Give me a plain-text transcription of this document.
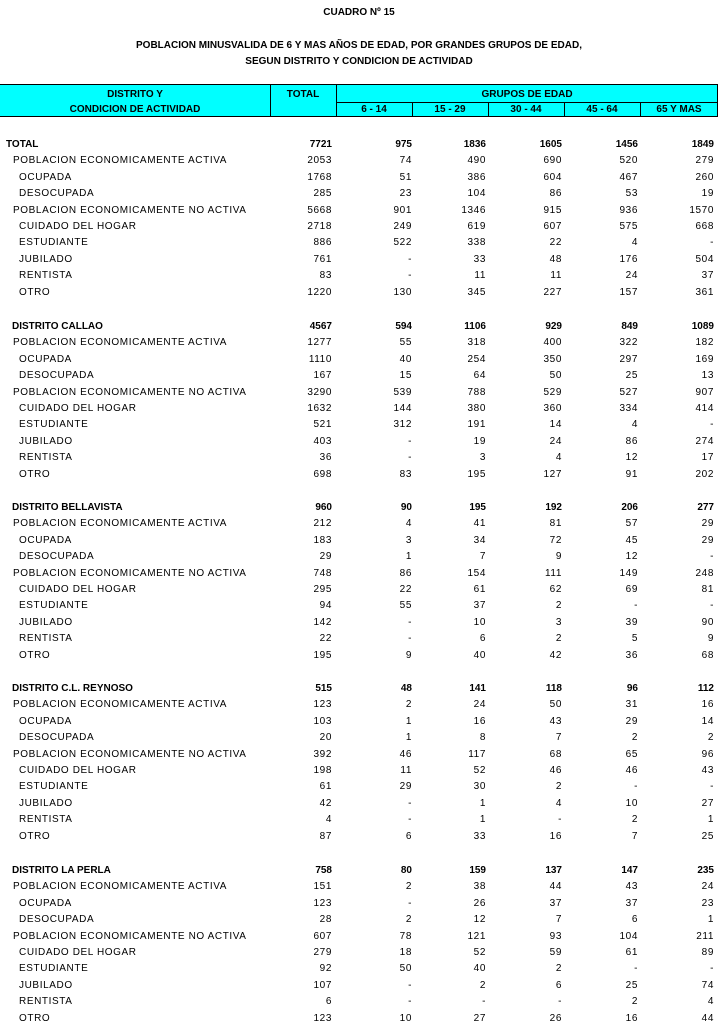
CUADRO Nº 15
POBLACION MINUSVALIDA DE 6 Y MAS AÑOS DE EDAD, POR GRANDES GRUPOS DE EDAD,
SEGUN DISTRITO Y CONDICION DE ACTIVIDAD
DISTRITO Y
CONDICION DE ACTIVIDAD
TOTAL	GRUPOS DE EDAD
6 - 14	15 - 29	30 - 44	45 - 64	65 Y MAS
TOTAL	7721	975	1836	1605	1456	1849
POBLACION ECONOMICAMENTE ACTIVA	2053	74	490	690	520	279
OCUPADA	1768	51	386	604	467	260
DESOCUPADA	285	23	104	86	53	19
POBLACION ECONOMICAMENTE NO ACTIVA	5668	901	1346	915	936	1570
CUIDADO DEL HOGAR	2718	249	619	607	575	668
ESTUDIANTE	886	522	338	22	4	-
JUBILADO	761	-	33	48	176	504
RENTISTA	83	-	11	11	24	37
OTRO	1220	130	345	227	157	361
DISTRITO CALLAO	4567	594	1106	929	849	1089
POBLACION ECONOMICAMENTE ACTIVA	1277	55	318	400	322	182
OCUPADA	1110	40	254	350	297	169
DESOCUPADA	167	15	64	50	25	13
POBLACION ECONOMICAMENTE NO ACTIVA	3290	539	788	529	527	907
CUIDADO DEL HOGAR	1632	144	380	360	334	414
ESTUDIANTE	521	312	191	14	4	-
JUBILADO	403	-	19	24	86	274
RENTISTA	36	-	3	4	12	17
OTRO	698	83	195	127	91	202
DISTRITO BELLAVISTA	960	90	195	192	206	277
POBLACION ECONOMICAMENTE ACTIVA	212	4	41	81	57	29
OCUPADA	183	3	34	72	45	29
DESOCUPADA	29	1	7	9	12	-
POBLACION ECONOMICAMENTE NO ACTIVA	748	86	154	111	149	248
CUIDADO DEL HOGAR	295	22	61	62	69	81
ESTUDIANTE	94	55	37	2	-	-
JUBILADO	142	-	10	3	39	90
RENTISTA	22	-	6	2	5	9
OTRO	195	9	40	42	36	68
DISTRITO C.L. REYNOSO	515	48	141	118	96	112
POBLACION ECONOMICAMENTE ACTIVA	123	2	24	50	31	16
OCUPADA	103	1	16	43	29	14
DESOCUPADA	20	1	8	7	2	2
POBLACION ECONOMICAMENTE NO ACTIVA	392	46	117	68	65	96
CUIDADO DEL HOGAR	198	11	52	46	46	43
ESTUDIANTE	61	29	30	2	-	-
JUBILADO	42	-	1	4	10	27
RENTISTA	4	-	1	-	2	1
OTRO	87	6	33	16	7	25
DISTRITO LA PERLA	758	80	159	137	147	235
POBLACION ECONOMICAMENTE ACTIVA	151	2	38	44	43	24
OCUPADA	123	-	26	37	37	23
DESOCUPADA	28	2	12	7	6	1
POBLACION ECONOMICAMENTE NO ACTIVA	607	78	121	93	104	211
CUIDADO DEL HOGAR	279	18	52	59	61	89
ESTUDIANTE	92	50	40	2	-	-
JUBILADO	107	-	2	6	25	74
RENTISTA	6	-	-	-	2	4
OTRO	123	10	27	26	16	44
